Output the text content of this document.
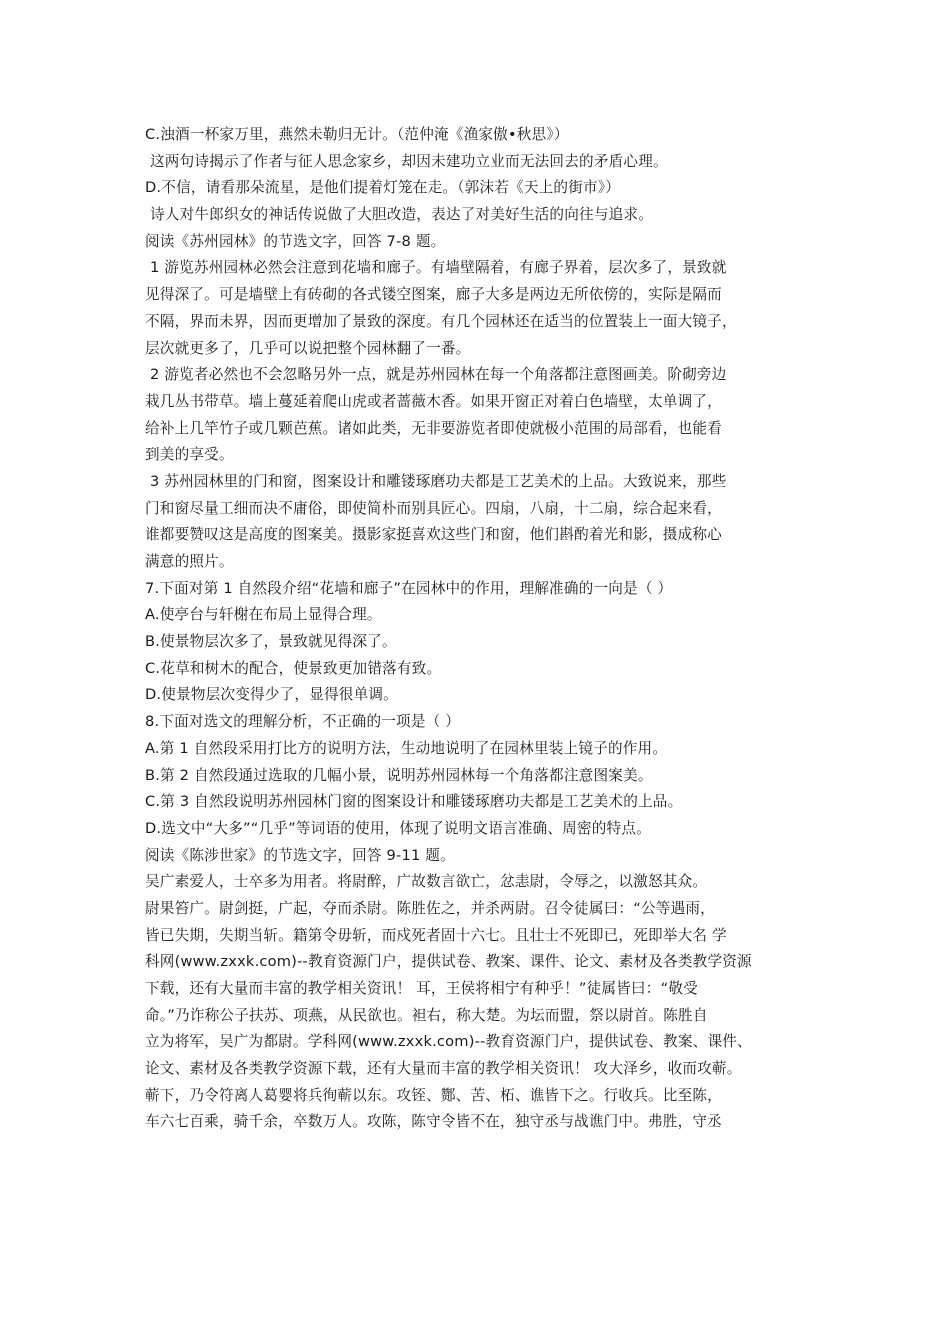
C.浊酒一杯家万里，燕然未勒归无计。（范仲淹《渔家傲•秋思》）
这两句诗揭示了作者与征人思念家乡，却因未建功立业而无法回去的矛盾心理。
D.不信，请看那朵流星，是他们提着灯笼在走。（郭沫若《天上的街市》）
诗人对牛郎织女的神话传说做了大胆改造，表达了对美好生活的向往与追求。
阅读《苏州园林》的节选文字，回答 7-8 题。
1 游览苏州园林必然会注意到花墙和廊子。有墙壁隔着，有廊子界着，层次多了，景致就
见得深了。可是墙壁上有砖砌的各式镂空图案，廊子大多是两边无所依傍的，实际是隔而
不隔，界而未界，因而更增加了景致的深度。有几个园林还在适当的位置装上一面大镜子，
层次就更多了，几乎可以说把整个园林翻了一番。
2 游览者必然也不会忽略另外一点，就是苏州园林在每一个角落都注意图画美。阶砌旁边
栽几丛书带草。墙上蔓延着爬山虎或者蔷薇木香。如果开窗正对着白色墙壁，太单调了，
给补上几竿竹子或几颗芭蕉。诸如此类，无非要游览者即使就极小范围的局部看，也能看
到美的享受。
3 苏州园林里的门和窗，图案设计和雕镂琢磨功夫都是工艺美术的上品。大致说来，那些
门和窗尽量工细而决不庸俗，即使简朴而别具匠心。四扇，八扇，十二扇，综合起来看，
谁都要赞叹这是高度的图案美。摄影家挺喜欢这些门和窗，他们斟酌着光和影，摄成称心
满意的照片。
7.下面对第 1 自然段介绍“花墙和廊子”在园林中的作用，理解准确的一向是（ ）
A.使亭台与轩榭在布局上显得合理。
B.使景物层次多了，景致就见得深了。
C.花草和树木的配合，使景致更加错落有致。
D.使景物层次变得少了，显得很单调。
8.下面对选文的理解分析，不正确的一项是（ ）
A.第 1 自然段采用打比方的说明方法，生动地说明了在园林里装上镜子的作用。
B.第 2 自然段通过选取的几幅小景，说明苏州园林每一个角落都注意图案美。
C.第 3 自然段说明苏州园林门窗的图案设计和雕镂琢磨功夫都是工艺美术的上品。
D.选文中“大多”“几乎”等词语的使用，体现了说明文语言准确、周密的特点。
阅读《陈涉世家》的节选文字，回答 9-11 题。
吴广素爱人，士卒多为用者。将尉醉，广故数言欲亡，忿恚尉，令辱之，以激怒其众。
尉果笞广。尉剑挺，广起，夺而杀尉。陈胜佐之，并杀两尉。召令徒属曰：“公等遇雨，
皆已失期，失期当斩。籍第令毋斩，而戍死者固十六七。且壮士不死即已，死即举大名 学
科网(www.zxxk.com)--教育资源门户，提供试卷、教案、课件、论文、素材及各类教学资源
下载，还有大量而丰富的教学相关资讯！ 耳，王侯将相宁有种乎！”徒属皆曰：“敬受
命。”乃诈称公子扶苏、项燕，从民欲也。袒右，称大楚。为坛而盟，祭以尉首。陈胜自
立为将军，吴广为都尉。学科网(www.zxxk.com)--教育资源门户，提供试卷、教案、课件、
论文、素材及各类教学资源下载，还有大量而丰富的教学相关资讯！ 攻大泽乡，收而攻蕲。
蕲下，乃令符离人葛婴将兵徇蕲以东。攻铚、酂、苦、柘、谯皆下之。行收兵。比至陈，
车六七百乘，骑千余，卒数万人。攻陈，陈守令皆不在，独守丞与战谯门中。弗胜，守丞
